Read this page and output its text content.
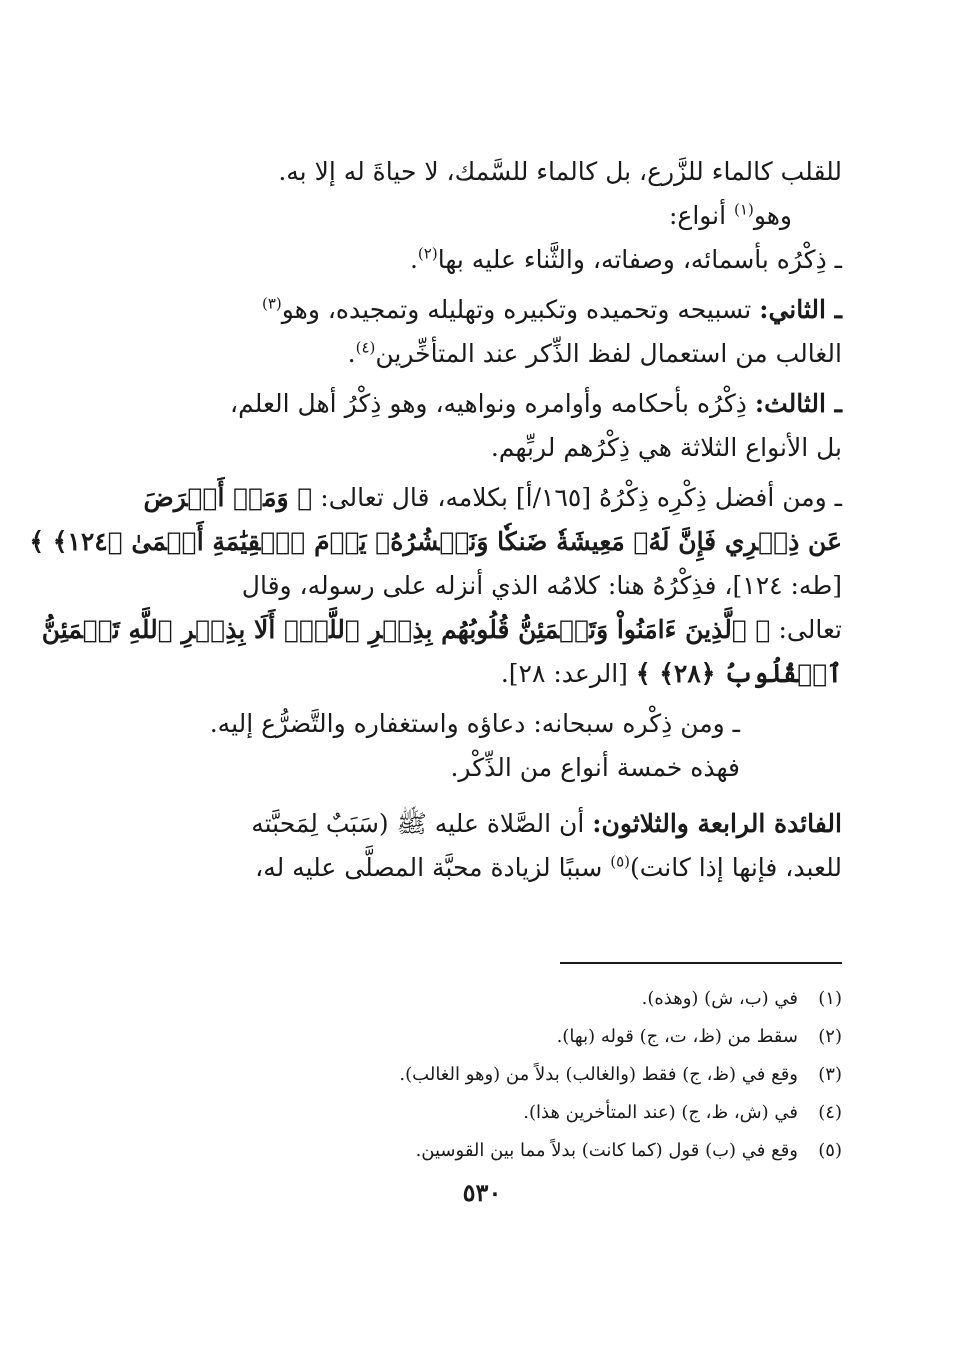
للقلب كالماء للزَّرع، بل كالماء للسَّمك، لا حياةَ له إلا به.
وهو$^{(١)}$ أنواع:
ـ ذِكْرُه بأسمائه، وصفاته، والثَّناء عليه بها$^{(٢)}$.
ـ الثاني: تسبيحه وتحميده وتكبيره وتهليله وتمجيده، وهو$^{(٣)}$
الغالب من استعمال لفظ الذِّكر عند المتأخِّرين$^{(٤)}$.
ـ الثالث: ذِكْرُه بأحكامه وأوامره ونواهيه، وهو ذِكْرُ أهل العلم،
بل الأنواع الثلاثة هي ذِكْرُهم لربِّهم.
ـ ومن أفضل ذِكْرِه ذِكْرُهُ [١٦٥/أ] بكلامه، قال تعالى: ﴿ وَمَنۡ أَعۡرَضَ
عَن ذِكۡرِي فَإِنَّ لَهُۥ مَعِيشَةٗ ضَنكٗا وَنَحۡشُرُهُۥ يَوۡمَ ٱلۡقِيَٰمَةِ أَعۡمَىٰ ﴿١٢٤﴾ ﴾
[طه: ١٢٤]، فذِكْرُهُ هنا: كلامُه الذي أنزله على رسوله، وقال
تعالى: ﴿ ٱلَّذِينَ ءَامَنُواْ وَتَطۡمَئِنُّ قُلُوبُهُم بِذِكۡرِ ٱللَّهِۗ أَلَا بِذِكۡرِ ٱللَّهِ تَطۡمَئِنُّ
ٱلۡقُلُوبُ ﴿٢٨﴾ ﴾ [الرعد: ٢٨].
ـ ومن ذِكْره سبحانه: دعاؤه واستغفاره والتَّضرُّع إليه.
فهذه خمسة أنواع من الذِّكْر.
الفائدة الرابعة والثلاثون: أن الصَّلاة عليه ﷺ (سَبَبٌ لِمَحبَّته
للعبد، فإنها إذا كانت)$^{(٥)}$ سببًا لزيادة محبَّة المصلَّى عليه له،
(١)في (ب، ش) (وهذه).
(٢)سقط من (ظ، ت، ج) قوله (بها).
(٣)وقع في (ظ، ج) فقط (والغالب) بدلاً من (وهو الغالب).
(٤)في (ش، ظ، ج) (عند المتأخرين هذا).
(٥)وقع في (ب) قول (كما كانت) بدلاً مما بين القوسين.
٥٣٠
